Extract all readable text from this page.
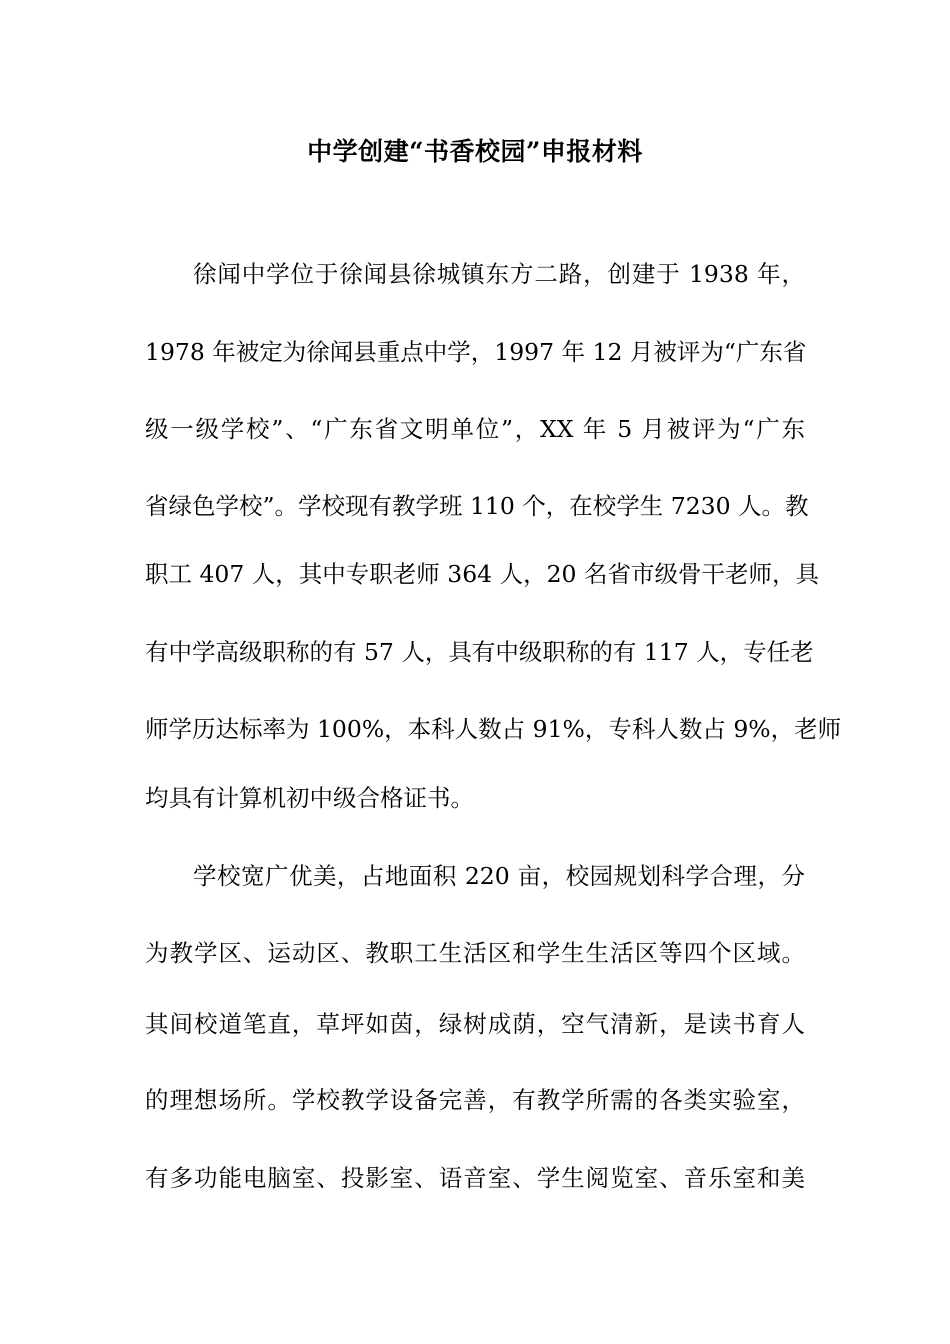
中学创建“书香校园”申报材料
徐闻中学位于徐闻县徐城镇东方二路，创建于 1938 年，
1978 年被定为徐闻县重点中学，1997 年 12 月被评为“广东省
级一级学校”、“广东省文明单位”，XX 年 5 月被评为“广东
省绿色学校”。学校现有教学班 110 个，在校学生 7230 人。教
职工 407 人，其中专职老师 364 人，20 名省市级骨干老师，具
有中学高级职称的有 57 人，具有中级职称的有 117 人，专任老
师学历达标率为 100%，本科人数占 91%，专科人数占 9%，老师
均具有计算机初中级合格证书。
学校宽广优美，占地面积 220 亩，校园规划科学合理，分
为教学区、运动区、教职工生活区和学生生活区等四个区域。
其间校道笔直，草坪如茵，绿树成荫，空气清新，是读书育人
的理想场所。学校教学设备完善，有教学所需的各类实验室，
有多功能电脑室、投影室、语音室、学生阅览室、音乐室和美
